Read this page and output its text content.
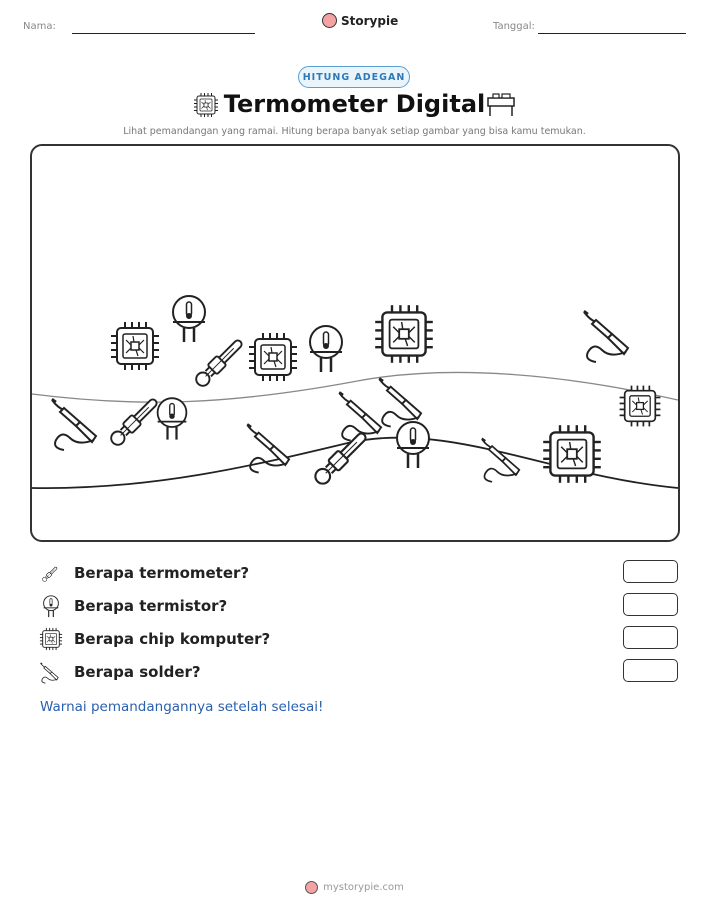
Nama:	Storypie	Tanggal:
HITUNG ADEGAN
Termometer Digital
Lihat pemandangan yang ramai. Hitung berapa banyak setiap gambar yang bisa kamu temukan.
Berapa termometer?
Berapa termistor?
Berapa chip komputer?
Berapa solder?
Warnai pemandangannya setelah selesai!
mystorypie.com
